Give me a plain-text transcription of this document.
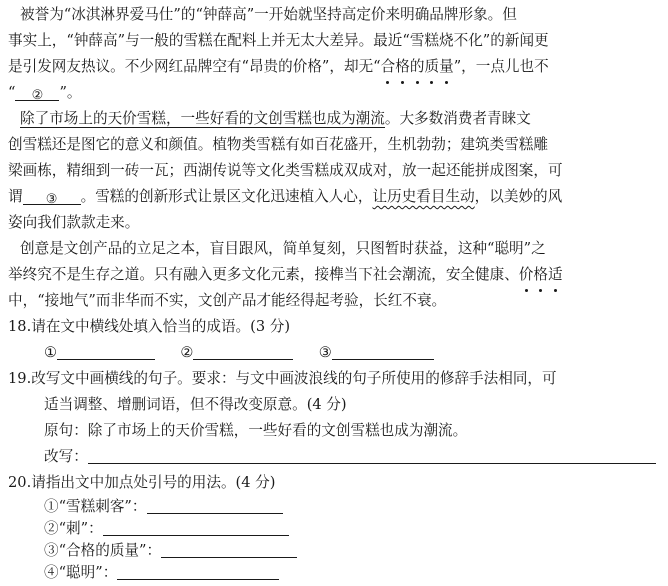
被誉为“冰淇淋界爱马仕”的“钟薛高”一开始就坚持高定价来明确品牌形象。但
事实上，“钟薛高”与一般的雪糕在配料上并无太大差异。最近“雪糕烧不化”的新闻更
是引发网友热议。不少网红品牌空有“昂贵的价格”，却无“合格的质量”，一点儿也不
“ ② ”。
除了市场上的天价雪糕，一些好看的文创雪糕也成为潮流。大多数消费者青睐文
创雪糕还是图它的意义和颜值。植物类雪糕有如百花盛开，生机勃勃；建筑类雪糕雕
梁画栋，精细到一砖一瓦；西湖传说等文化类雪糕成双成对，放一起还能拼成图案，可
谓 ③ 。雪糕的创新形式让景区文化迅速植入人心，让历史看目生动，以美妙的风
姿向我们款款走来。
创意是文创产品的立足之本，盲目跟风，简单复刻，只图暂时获益，这种“聪明”之
举终究不是生存之道。只有融入更多文化元素，接榫当下社会潮流，安全健康、价格适
中，“接地气”而非华而不实，文创产品才能经得起考验，长红不衰。
18.请在文中横线处填入恰当的成语。(3 分)
①	②	③
19.改写文中画横线的句子。要求：与文中画波浪线的句子所使用的修辞手法相同，可
适当调整、增删词语，但不得改变原意。(4 分)
原句：除了市场上的天价雪糕，一些好看的文创雪糕也成为潮流。
改写：
20.请指出文中加点处引号的用法。(4 分)
①“雪糕刺客”：
②“刺”：
③“合格的质量”：
④“聪明”：
